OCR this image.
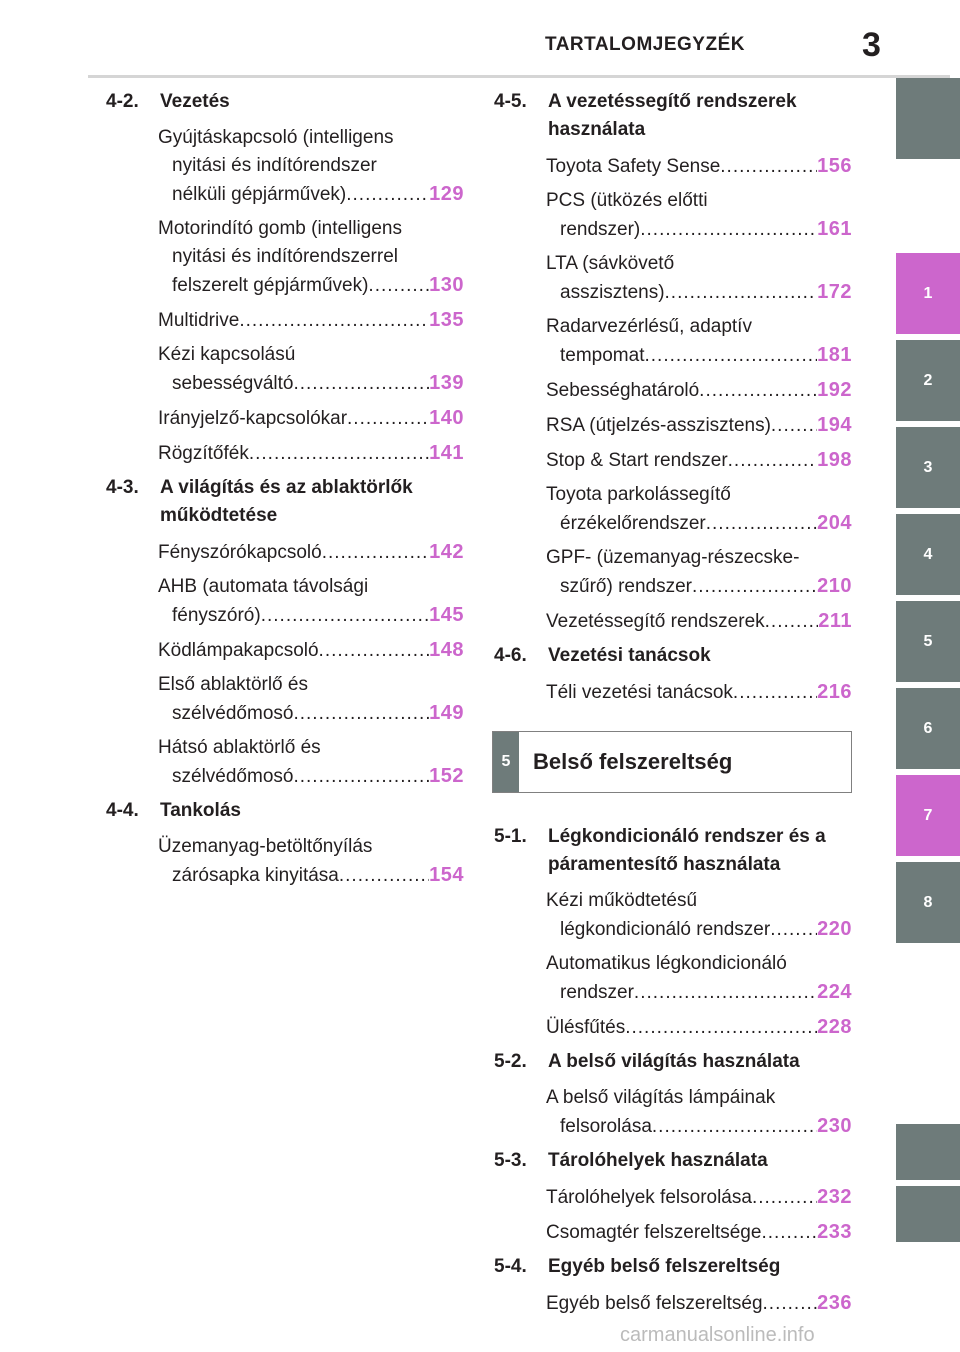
TARTALOMJEGYZÉK	3
1
2
3
4
5
6
7
8
4-2. Vezetés
Gyújtáskapcsoló (intelligens
nyitási és indítórendszer
nélküli gépjárművek) .....	129
Motorindító gomb (intelligens
nyitási és indítórendszerrel
felszerelt gépjárművek) .....	130
Multidrive .....	135
Kézi kapcsolású
sebességváltó .....	139
Irányjelző-kapcsolókar .....	140
Rögzítőfék .....	141
4-3. A világítás és az ablaktörlők működtetése
Fényszórókapcsoló .....	142
AHB (automata távolsági
fényszóró) .....	145
Ködlámpakapcsoló .....	148
Első ablaktörlő és
szélvédőmosó .....	149
Hátsó ablaktörlő és
szélvédőmosó .....	152
4-4. Tankolás
Üzemanyag-betöltőnyílás
zárósapka kinyitása .....	154
4-5. A vezetéssegítő rendszerek használata
Toyota Safety Sense .....	156
PCS (ütközés előtti
rendszer) .....	161
LTA (sávkövető
asszisztens) .....	172
Radarvezérlésű, adaptív
tempomat .....	181
Sebességhatároló .....	192
RSA (útjelzés-asszisztens) ..... 194
Stop & Start rendszer .....	198
Toyota parkolássegítő
érzékelőrendszer .....	204
GPF- (üzemanyag-részecske-
szűrő) rendszer .....	210
Vezetéssegítő rendszerek .....	211
4-6. Vezetési tanácsok
Téli vezetési tanácsok .....	216
5	Belső felszereltség
5-1. Légkondicionáló rendszer és a páramentesítő használata
Kézi működtetésű
légkondicionáló rendszer ..... 220
Automatikus légkondicionáló
rendszer .....	224
Ülésfűtés .....	228
5-2. A belső világítás használata
A belső világítás lámpáinak
felsorolása .....	230
5-3. Tárolóhelyek használata
Tárolóhelyek felsorolása .....	232
Csomagtér felszereltsége .....	233
5-4. Egyéb belső felszereltség
Egyéb belső felszereltség .....	236
carmanualsonline.info
